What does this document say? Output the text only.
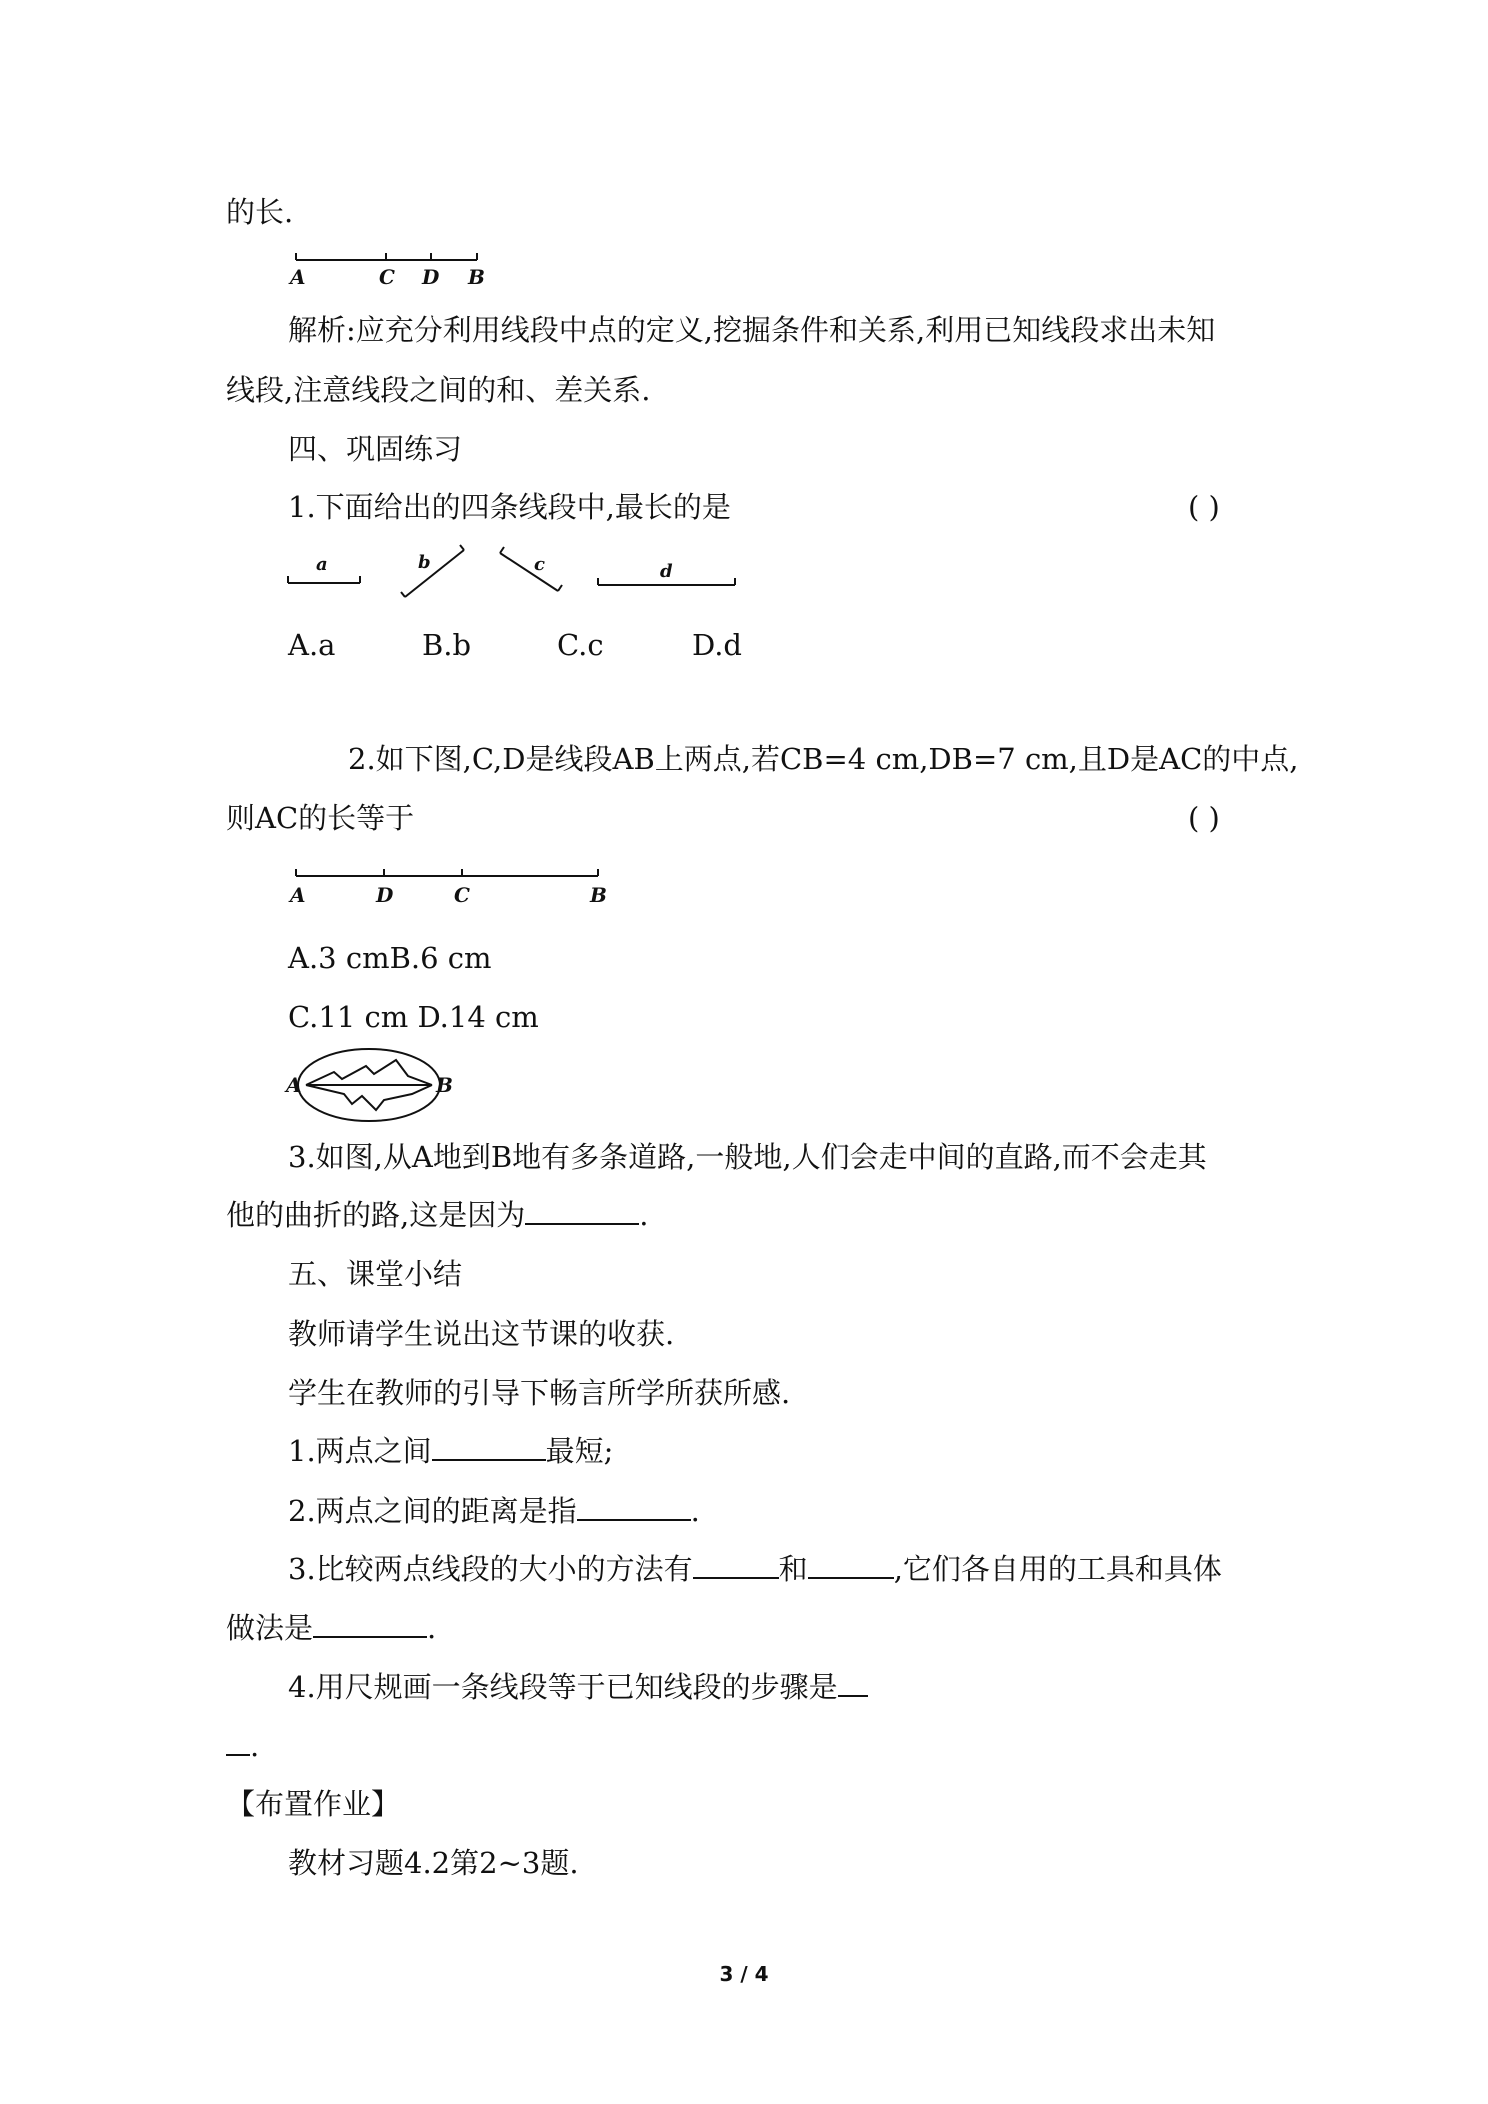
的长.
A	C D B
解析:应充分利用线段中点的定义,挖掘条件和关系,利用已知线段求出未知
线段,注意线段之间的和、差关系.
四、巩固练习
1.下面给出的四条线段中,最长的是	( )
a	b	c	d
A.a	B.b	C.c	D.d
2.如下图,C,D是线段AB上两点,若CB=4 cm,DB=7 cm,且D是AC的中点,
则AC的长等于	( )
A	D	C	B
A.3 cmB.6 cm
C.11 cm D.14 cm
A	B
3.如图,从A地到B地有多条道路,一般地,人们会走中间的直路,而不会走其
他的曲折的路,这是因为	.
五、课堂小结
教师请学生说出这节课的收获.
学生在教师的引导下畅言所学所获所感.
1.两点之间	最短;
2.两点之间的距离是指	.
3.比较两点线段的大小的方法有	和	,它们各自用的工具和具体
做法是	.
4.用尺规画一条线段等于已知线段的步骤是
.
【布置作业】
教材习题4.2第2~3题.
3 / 4
